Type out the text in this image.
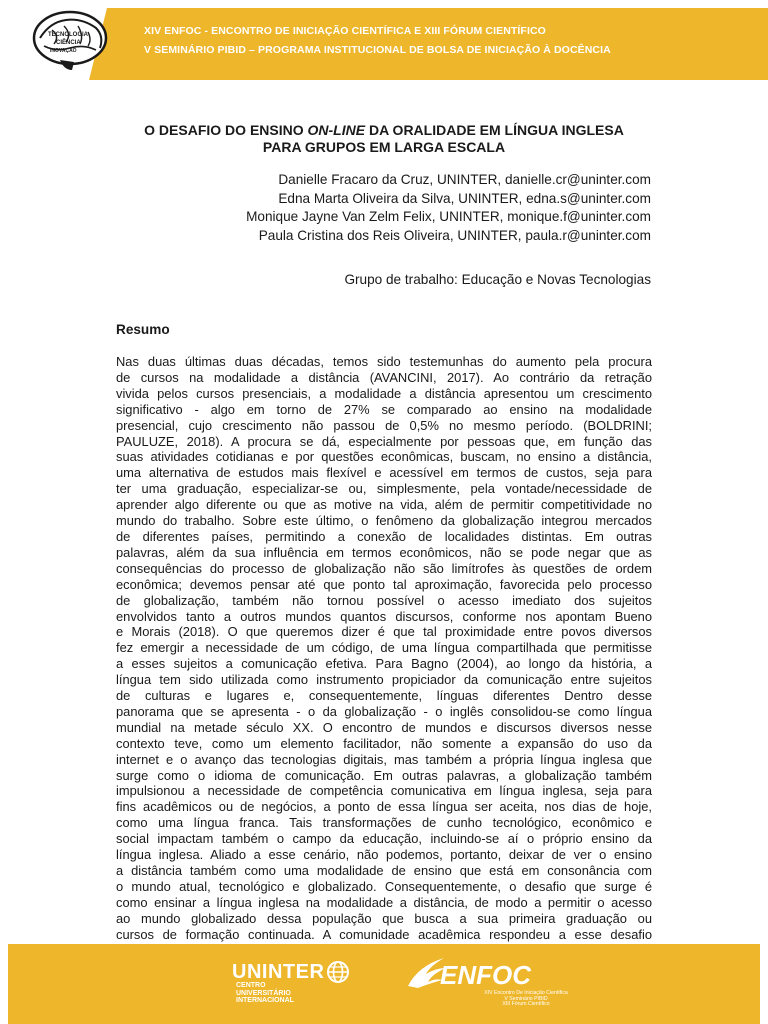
TECNOLOGIA
CIÊNCIA
INOVAÇÃO
XIV ENFOC - ENCONTRO DE INICIAÇÃO CIENTÍFICA E XIII FÓRUM CIENTÍFICO
V SEMINÁRIO PIBID – PROGRAMA INSTITUCIONAL DE BOLSA DE INICIAÇÃO À DOCÊNCIA
O DESAFIO DO ENSINO ON-LINE DA ORALIDADE EM LÍNGUA INGLESA
PARA GRUPOS EM LARGA ESCALA
Danielle Fracaro da Cruz, UNINTER, danielle.cr@uninter.com
Edna Marta Oliveira da Silva, UNINTER, edna.s@uninter.com
Monique Jayne Van Zelm Felix, UNINTER, monique.f@uninter.com
Paula Cristina dos Reis Oliveira, UNINTER, paula.r@uninter.com
Grupo de trabalho: Educação e Novas Tecnologias
Resumo
Nas duas últimas duas décadas, temos sido testemunhas do aumento pela procura
de cursos na modalidade a distância (AVANCINI, 2017). Ao contrário da retração
vivida pelos cursos presenciais, a modalidade a distância apresentou um crescimento
significativo - algo em torno de 27% se comparado ao ensino na modalidade
presencial, cujo crescimento não passou de 0,5% no mesmo período. (BOLDRINI;
PAULUZE, 2018). A procura se dá, especialmente por pessoas que, em função das
suas atividades cotidianas e por questões econômicas, buscam, no ensino a distância,
uma alternativa de estudos mais flexível e acessível em termos de custos, seja para
ter uma graduação, especializar-se ou, simplesmente, pela vontade/necessidade de
aprender algo diferente ou que as motive na vida, além de permitir competitividade no
mundo do trabalho. Sobre este último, o fenômeno da globalização integrou mercados
de diferentes países, permitindo a conexão de localidades distintas. Em outras
palavras, além da sua influência em termos econômicos, não se pode negar que as
consequências do processo de globalização não são limítrofes às questões de ordem
econômica; devemos pensar até que ponto tal aproximação, favorecida pelo processo
de globalização, também não tornou possível o acesso imediato dos sujeitos
envolvidos tanto a outros mundos quantos discursos, conforme nos apontam Bueno
e Morais (2018). O que queremos dizer é que tal proximidade entre povos diversos
fez emergir a necessidade de um código, de uma língua compartilhada que permitisse
a esses sujeitos a comunicação efetiva. Para Bagno (2004), ao longo da história, a
língua tem sido utilizada como instrumento propiciador da comunicação entre sujeitos
de culturas e lugares e, consequentemente, línguas diferentes Dentro desse
panorama que se apresenta - o da globalização - o inglês consolidou-se como língua
mundial na metade século XX. O encontro de mundos e discursos diversos nesse
contexto teve, como um elemento facilitador, não somente a expansão do uso da
internet e o avanço das tecnologias digitais, mas também a própria língua inglesa que
surge como o idioma de comunicação. Em outras palavras, a globalização também
impulsionou a necessidade de competência comunicativa em língua inglesa, seja para
fins acadêmicos ou de negócios, a ponto de essa língua ser aceita, nos dias de hoje,
como uma língua franca. Tais transformações de cunho tecnológico, econômico e
social impactam também o campo da educação, incluindo-se aí o próprio ensino da
língua inglesa. Aliado a esse cenário, não podemos, portanto, deixar de ver o ensino
a distância também como uma modalidade de ensino que está em consonância com
o mundo atual, tecnológico e globalizado. Consequentemente, o desafio que surge é
como ensinar a língua inglesa na modalidade a distância, de modo a permitir o acesso
ao mundo globalizado dessa população que busca a sua primeira graduação ou
cursos de formação continuada. A comunidade acadêmica respondeu a esse desafio
UNINTER
CENTRO
UNIVERSITÁRIO
INTERNACIONAL
ENFOC
XIV Encontro De Iniciação Científica
V Seminário PIBID
XIII Fórum Científico
